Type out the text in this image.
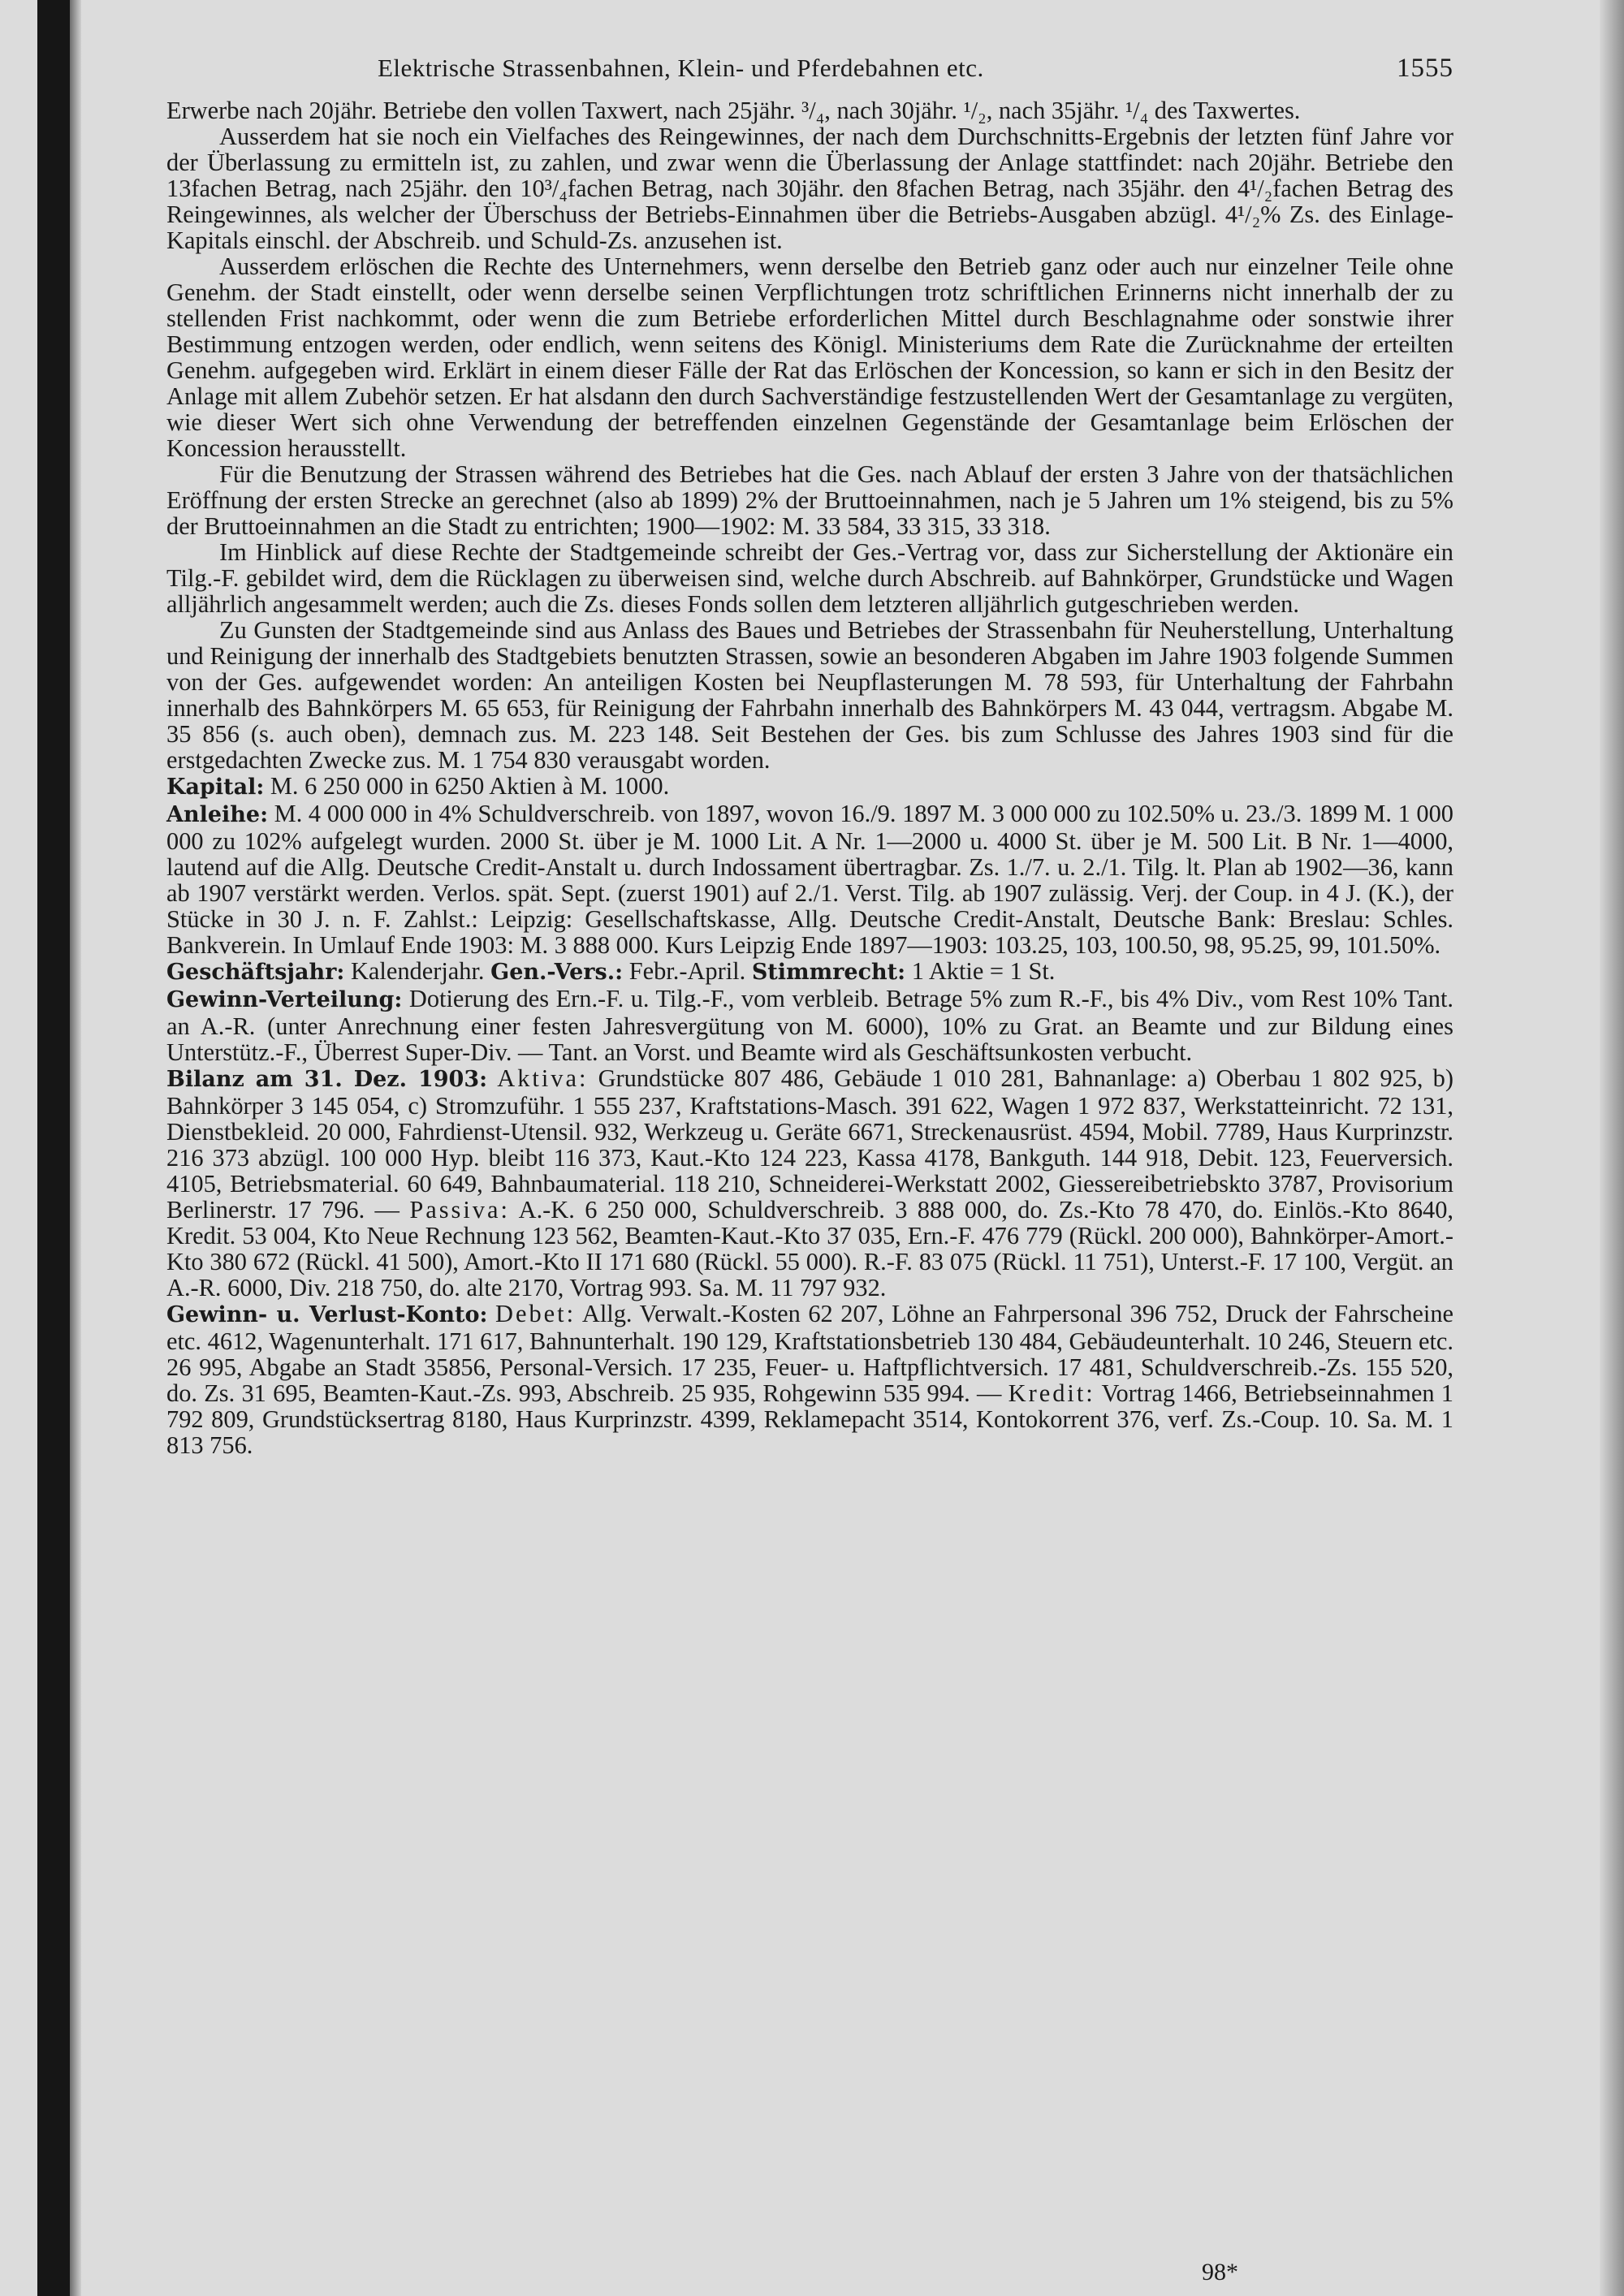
Elektrische Strassenbahnen, Klein- und Pferdebahnen etc.	1555

Erwerbe nach 20jähr. Betriebe den vollen Taxwert, nach 25jähr. ³/₄, nach 30jähr. ¹/₂, nach 35jähr. ¹/₄ des Taxwertes.

Ausserdem hat sie noch ein Vielfaches des Reingewinnes, der nach dem Durchschnitts-Ergebnis der letzten fünf Jahre vor der Überlassung zu ermitteln ist, zu zahlen, und zwar wenn die Überlassung der Anlage stattfindet: nach 20jähr. Betriebe den 13fachen Betrag, nach 25jähr. den 10³/₄fachen Betrag, nach 30jähr. den 8fachen Betrag, nach 35jähr. den 4¹/₂fachen Betrag des Reingewinnes, als welcher der Überschuss der Betriebs-Einnahmen über die Betriebs-Ausgaben abzügl. 4¹/₂% Zs. des Einlage-Kapitals einschl. der Abschreib. und Schuld-Zs. anzusehen ist.

Ausserdem erlöschen die Rechte des Unternehmers, wenn derselbe den Betrieb ganz oder auch nur einzelner Teile ohne Genehm. der Stadt einstellt, oder wenn derselbe seinen Verpflichtungen trotz schriftlichen Erinnerns nicht innerhalb der zu stellenden Frist nachkommt, oder wenn die zum Betriebe erforderlichen Mittel durch Beschlagnahme oder sonstwie ihrer Bestimmung entzogen werden, oder endlich, wenn seitens des Königl. Ministeriums dem Rate die Zurücknahme der erteilten Genehm. aufgegeben wird. Erklärt in einem dieser Fälle der Rat das Erlöschen der Koncession, so kann er sich in den Besitz der Anlage mit allem Zubehör setzen. Er hat alsdann den durch Sachverständige festzustellenden Wert der Gesamtanlage zu vergüten, wie dieser Wert sich ohne Verwendung der betreffenden einzelnen Gegenstände der Gesamtanlage beim Erlöschen der Koncession herausstellt.

Für die Benutzung der Strassen während des Betriebes hat die Ges. nach Ablauf der ersten 3 Jahre von der thatsächlichen Eröffnung der ersten Strecke an gerechnet (also ab 1899) 2% der Bruttoeinnahmen, nach je 5 Jahren um 1% steigend, bis zu 5% der Bruttoeinnahmen an die Stadt zu entrichten; 1900—1902: M. 33 584, 33 315, 33 318.

Im Hinblick auf diese Rechte der Stadtgemeinde schreibt der Ges.-Vertrag vor, dass zur Sicherstellung der Aktionäre ein Tilg.-F. gebildet wird, dem die Rücklagen zu überweisen sind, welche durch Abschreib. auf Bahnkörper, Grundstücke und Wagen alljährlich angesammelt werden; auch die Zs. dieses Fonds sollen dem letzteren alljährlich gutgeschrieben werden.

Zu Gunsten der Stadtgemeinde sind aus Anlass des Baues und Betriebes der Strassenbahn für Neuherstellung, Unterhaltung und Reinigung der innerhalb des Stadtgebiets benutzten Strassen, sowie an besonderen Abgaben im Jahre 1903 folgende Summen von der Ges. aufgewendet worden: An anteiligen Kosten bei Neupflasterungen M. 78 593, für Unterhaltung der Fahrbahn innerhalb des Bahnkörpers M. 65 653, für Reinigung der Fahrbahn innerhalb des Bahnkörpers M. 43 044, vertragsm. Abgabe M. 35 856 (s. auch oben), demnach zus. M. 223 148. Seit Bestehen der Ges. bis zum Schlusse des Jahres 1903 sind für die erstgedachten Zwecke zus. M. 1 754 830 verausgabt worden.

Kapital: M. 6 250 000 in 6250 Aktien à M. 1000.

Anleihe: M. 4 000 000 in 4% Schuldverschreib. von 1897, wovon 16./9. 1897 M. 3 000 000 zu 102.50% u. 23./3. 1899 M. 1 000 000 zu 102% aufgelegt wurden. 2000 St. über je M. 1000 Lit. A Nr. 1—2000 u. 4000 St. über je M. 500 Lit. B Nr. 1—4000, lautend auf die Allg. Deutsche Credit-Anstalt u. durch Indossament übertragbar. Zs. 1./7. u. 2./1. Tilg. lt. Plan ab 1902—36, kann ab 1907 verstärkt werden. Verlos. spät. Sept. (zuerst 1901) auf 2./1. Verst. Tilg. ab 1907 zulässig. Verj. der Coup. in 4 J. (K.), der Stücke in 30 J. n. F. Zahlst.: Leipzig: Gesellschaftskasse, Allg. Deutsche Credit-Anstalt, Deutsche Bank: Breslau: Schles. Bankverein. In Umlauf Ende 1903: M. 3 888 000. Kurs Leipzig Ende 1897—1903: 103.25, 103, 100.50, 98, 95.25, 99, 101.50%.

Geschäftsjahr: Kalenderjahr. Gen.-Vers.: Febr.-April. Stimmrecht: 1 Aktie = 1 St.

Gewinn-Verteilung: Dotierung des Ern.-F. u. Tilg.-F., vom verbleib. Betrage 5% zum R.-F., bis 4% Div., vom Rest 10% Tant. an A.-R. (unter Anrechnung einer festen Jahresvergütung von M. 6000), 10% zu Grat. an Beamte und zur Bildung eines Unterstütz.-F., Überrest Super-Div. — Tant. an Vorst. und Beamte wird als Geschäftsunkosten verbucht.

Bilanz am 31. Dez. 1903: Aktiva: Grundstücke 807 486, Gebäude 1 010 281, Bahnanlage: a) Oberbau 1 802 925, b) Bahnkörper 3 145 054, c) Stromzuführ. 1 555 237, Kraftstations-Masch. 391 622, Wagen 1 972 837, Werkstatteinricht. 72 131, Dienstbekleid. 20 000, Fahrdienst-Utensil. 932, Werkzeug u. Geräte 6671, Streckenausrüst. 4594, Mobil. 7789, Haus Kurprinzstr. 216 373 abzügl. 100 000 Hyp. bleibt 116 373, Kaut.-Kto 124 223, Kassa 4178, Bankguth. 144 918, Debit. 123, Feuerversich. 4105, Betriebsmaterial. 60 649, Bahnbaumaterial. 118 210, Schneiderei-Werkstatt 2002, Giessereibetriebskto 3787, Provisorium Berlinerstr. 17 796. — Passiva: A.-K. 6 250 000, Schuldverschreib. 3 888 000, do. Zs.-Kto 78 470, do. Einlös.-Kto 8640, Kredit. 53 004, Kto Neue Rechnung 123 562, Beamten-Kaut.-Kto 37 035, Ern.-F. 476 779 (Rückl. 200 000), Bahnkörper-Amort.-Kto 380 672 (Rückl. 41 500), Amort.-Kto II 171 680 (Rückl. 55 000). R.-F. 83 075 (Rückl. 11 751), Unterst.-F. 17 100, Vergüt. an A.-R. 6000, Div. 218 750, do. alte 2170, Vortrag 993. Sa. M. 11 797 932.

Gewinn- u. Verlust-Konto: Debet: Allg. Verwalt.-Kosten 62 207, Löhne an Fahrpersonal 396 752, Druck der Fahrscheine etc. 4612, Wagenunterhalt. 171 617, Bahnunterhalt. 190 129, Kraftstationsbetrieb 130 484, Gebäudeunterhalt. 10 246, Steuern etc. 26 995, Abgabe an Stadt 35856, Personal-Versich. 17 235, Feuer- u. Haftpflichtversich. 17 481, Schuldverschreib.-Zs. 155 520, do. Zs. 31 695, Beamten-Kaut.-Zs. 993, Abschreib. 25 935, Rohgewinn 535 994. — Kredit: Vortrag 1466, Betriebseinnahmen 1 792 809, Grundstücksertrag 8180, Haus Kurprinzstr. 4399, Reklamepacht 3514, Kontokorrent 376, verf. Zs.-Coup. 10. Sa. M. 1 813 756.

98*
